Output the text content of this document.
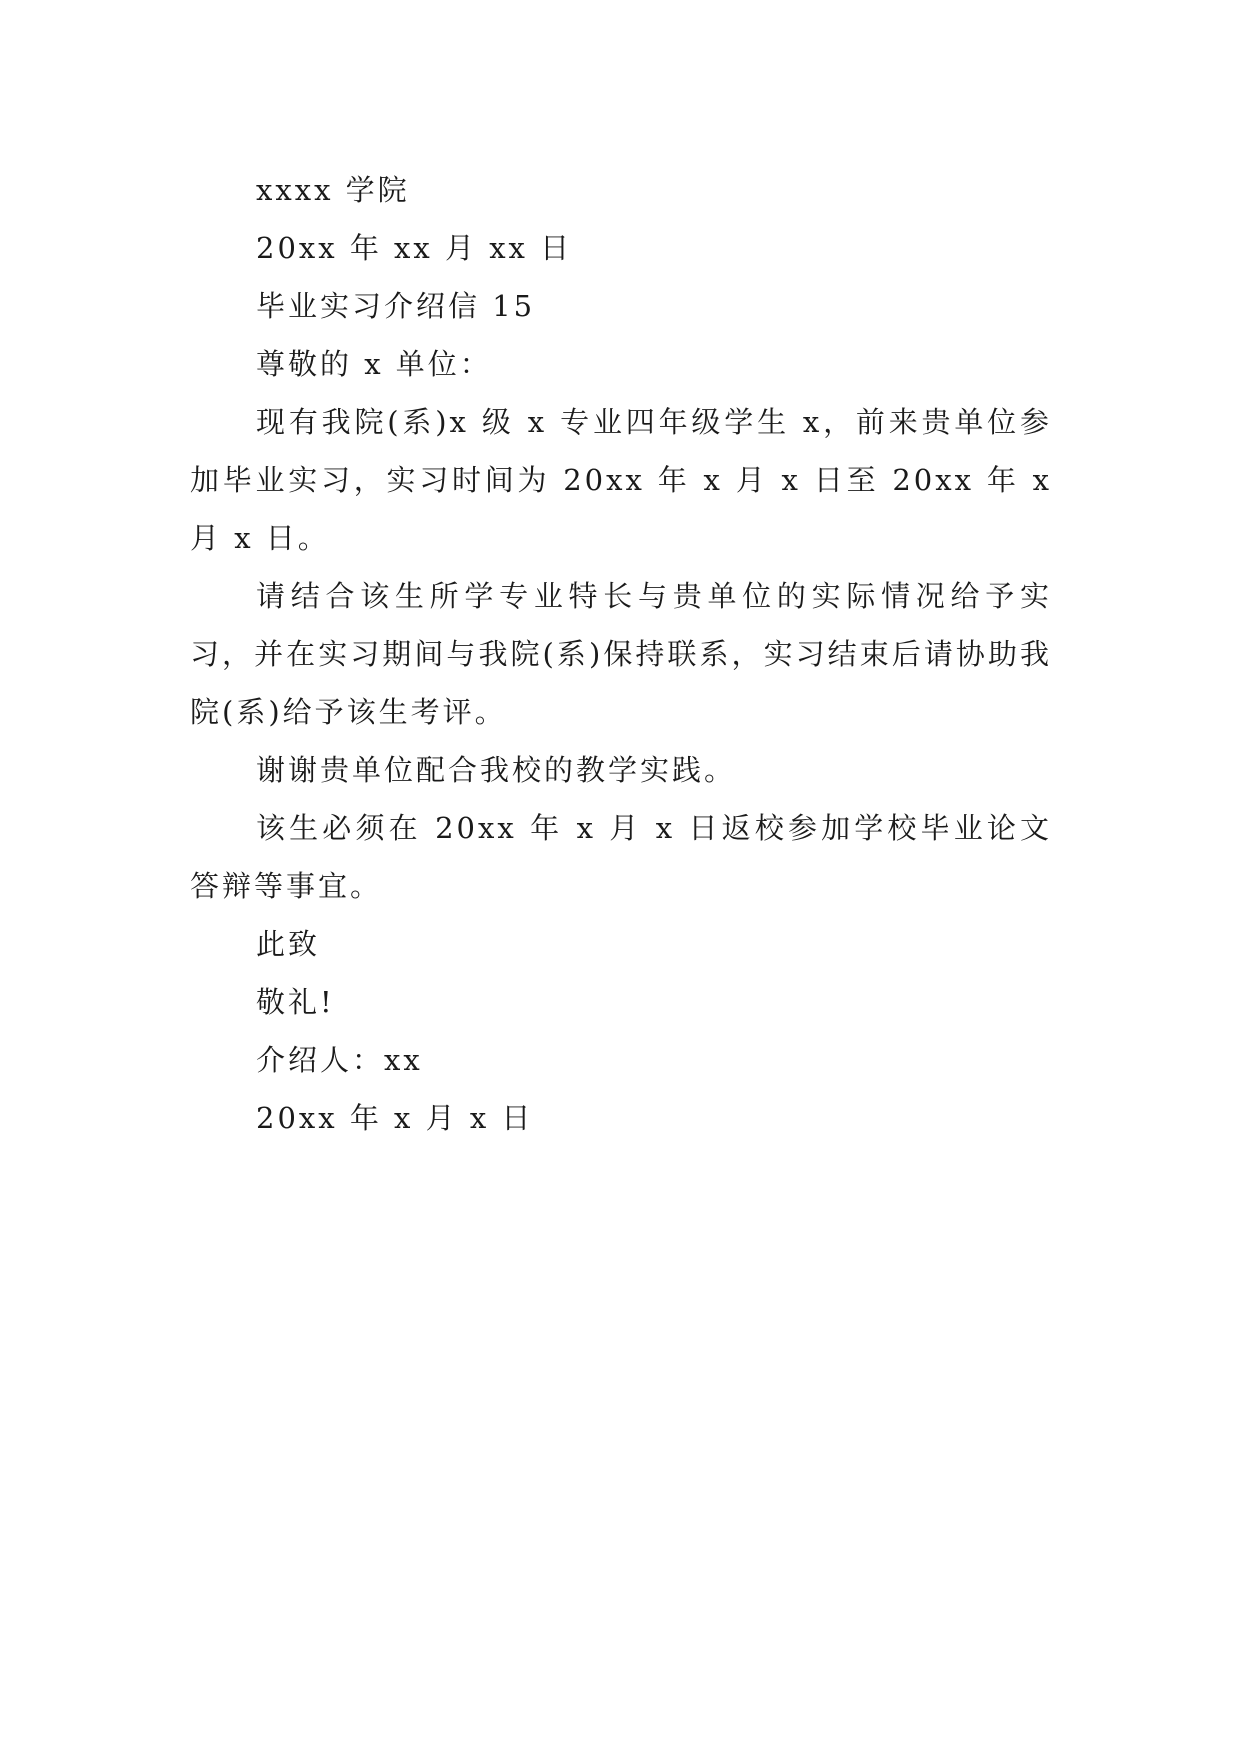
xxxx 学院

20xx 年 xx 月 xx 日

毕业实习介绍信 15

尊敬的 x 单位：

现有我院(系)x 级 x 专业四年级学生 x，前来贵单位参加毕业实习，实习时间为 20xx 年 x 月 x 日至 20xx 年 x 月 x 日。

请结合该生所学专业特长与贵单位的实际情况给予实习，并在实习期间与我院(系)保持联系，实习结束后请协助我院(系)给予该生考评。

谢谢贵单位配合我校的教学实践。

该生必须在 20xx 年 x 月 x 日返校参加学校毕业论文答辩等事宜。

此致

敬礼!

介绍人：xx

20xx 年 x 月 x 日
